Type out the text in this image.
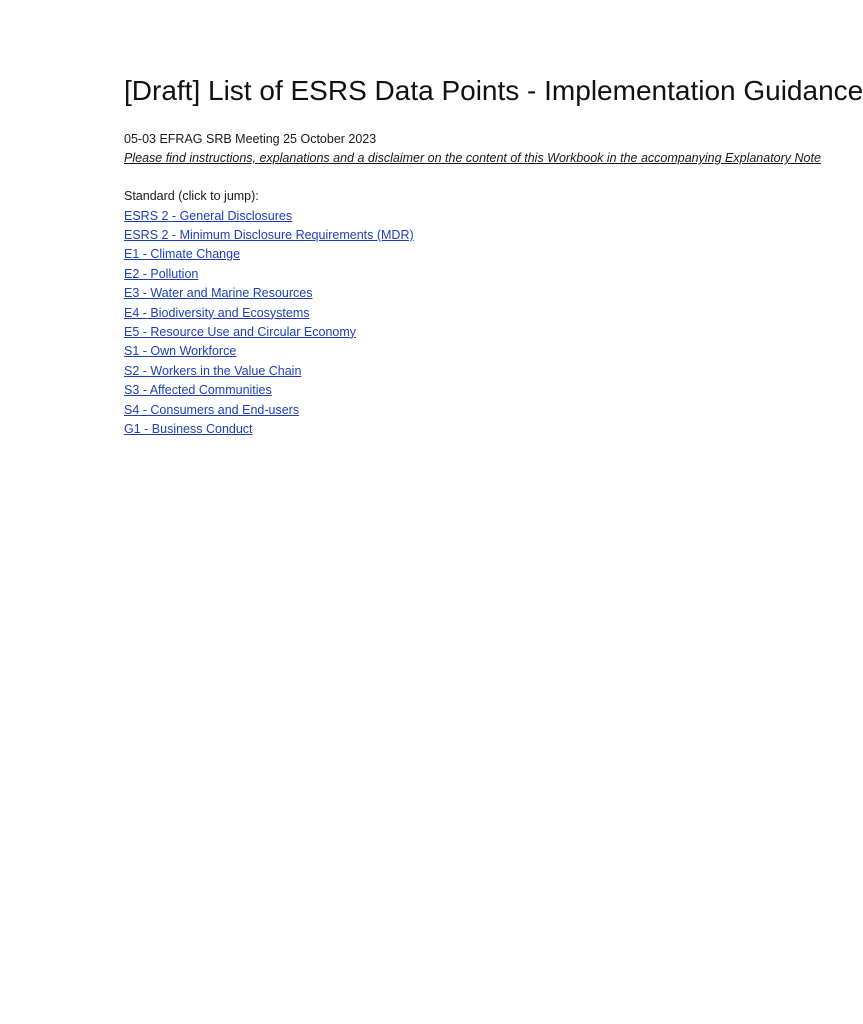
[Draft] List of ESRS Data Points - Implementation Guidance
05-03 EFRAG SRB Meeting 25 October 2023
Please find instructions, explanations and a disclaimer on the content of this Workbook in the accompanying Explanatory Note
Standard (click to jump):
ESRS 2 - General Disclosures
ESRS 2 - Minimum Disclosure Requirements (MDR)
E1 - Climate Change
E2 - Pollution
E3 - Water and Marine Resources
E4 - Biodiversity and Ecosystems
E5 - Resource Use and Circular Economy
S1 - Own Workforce
S2 - Workers in the Value Chain
S3 - Affected Communities
S4 - Consumers and End-users
G1 - Business Conduct
